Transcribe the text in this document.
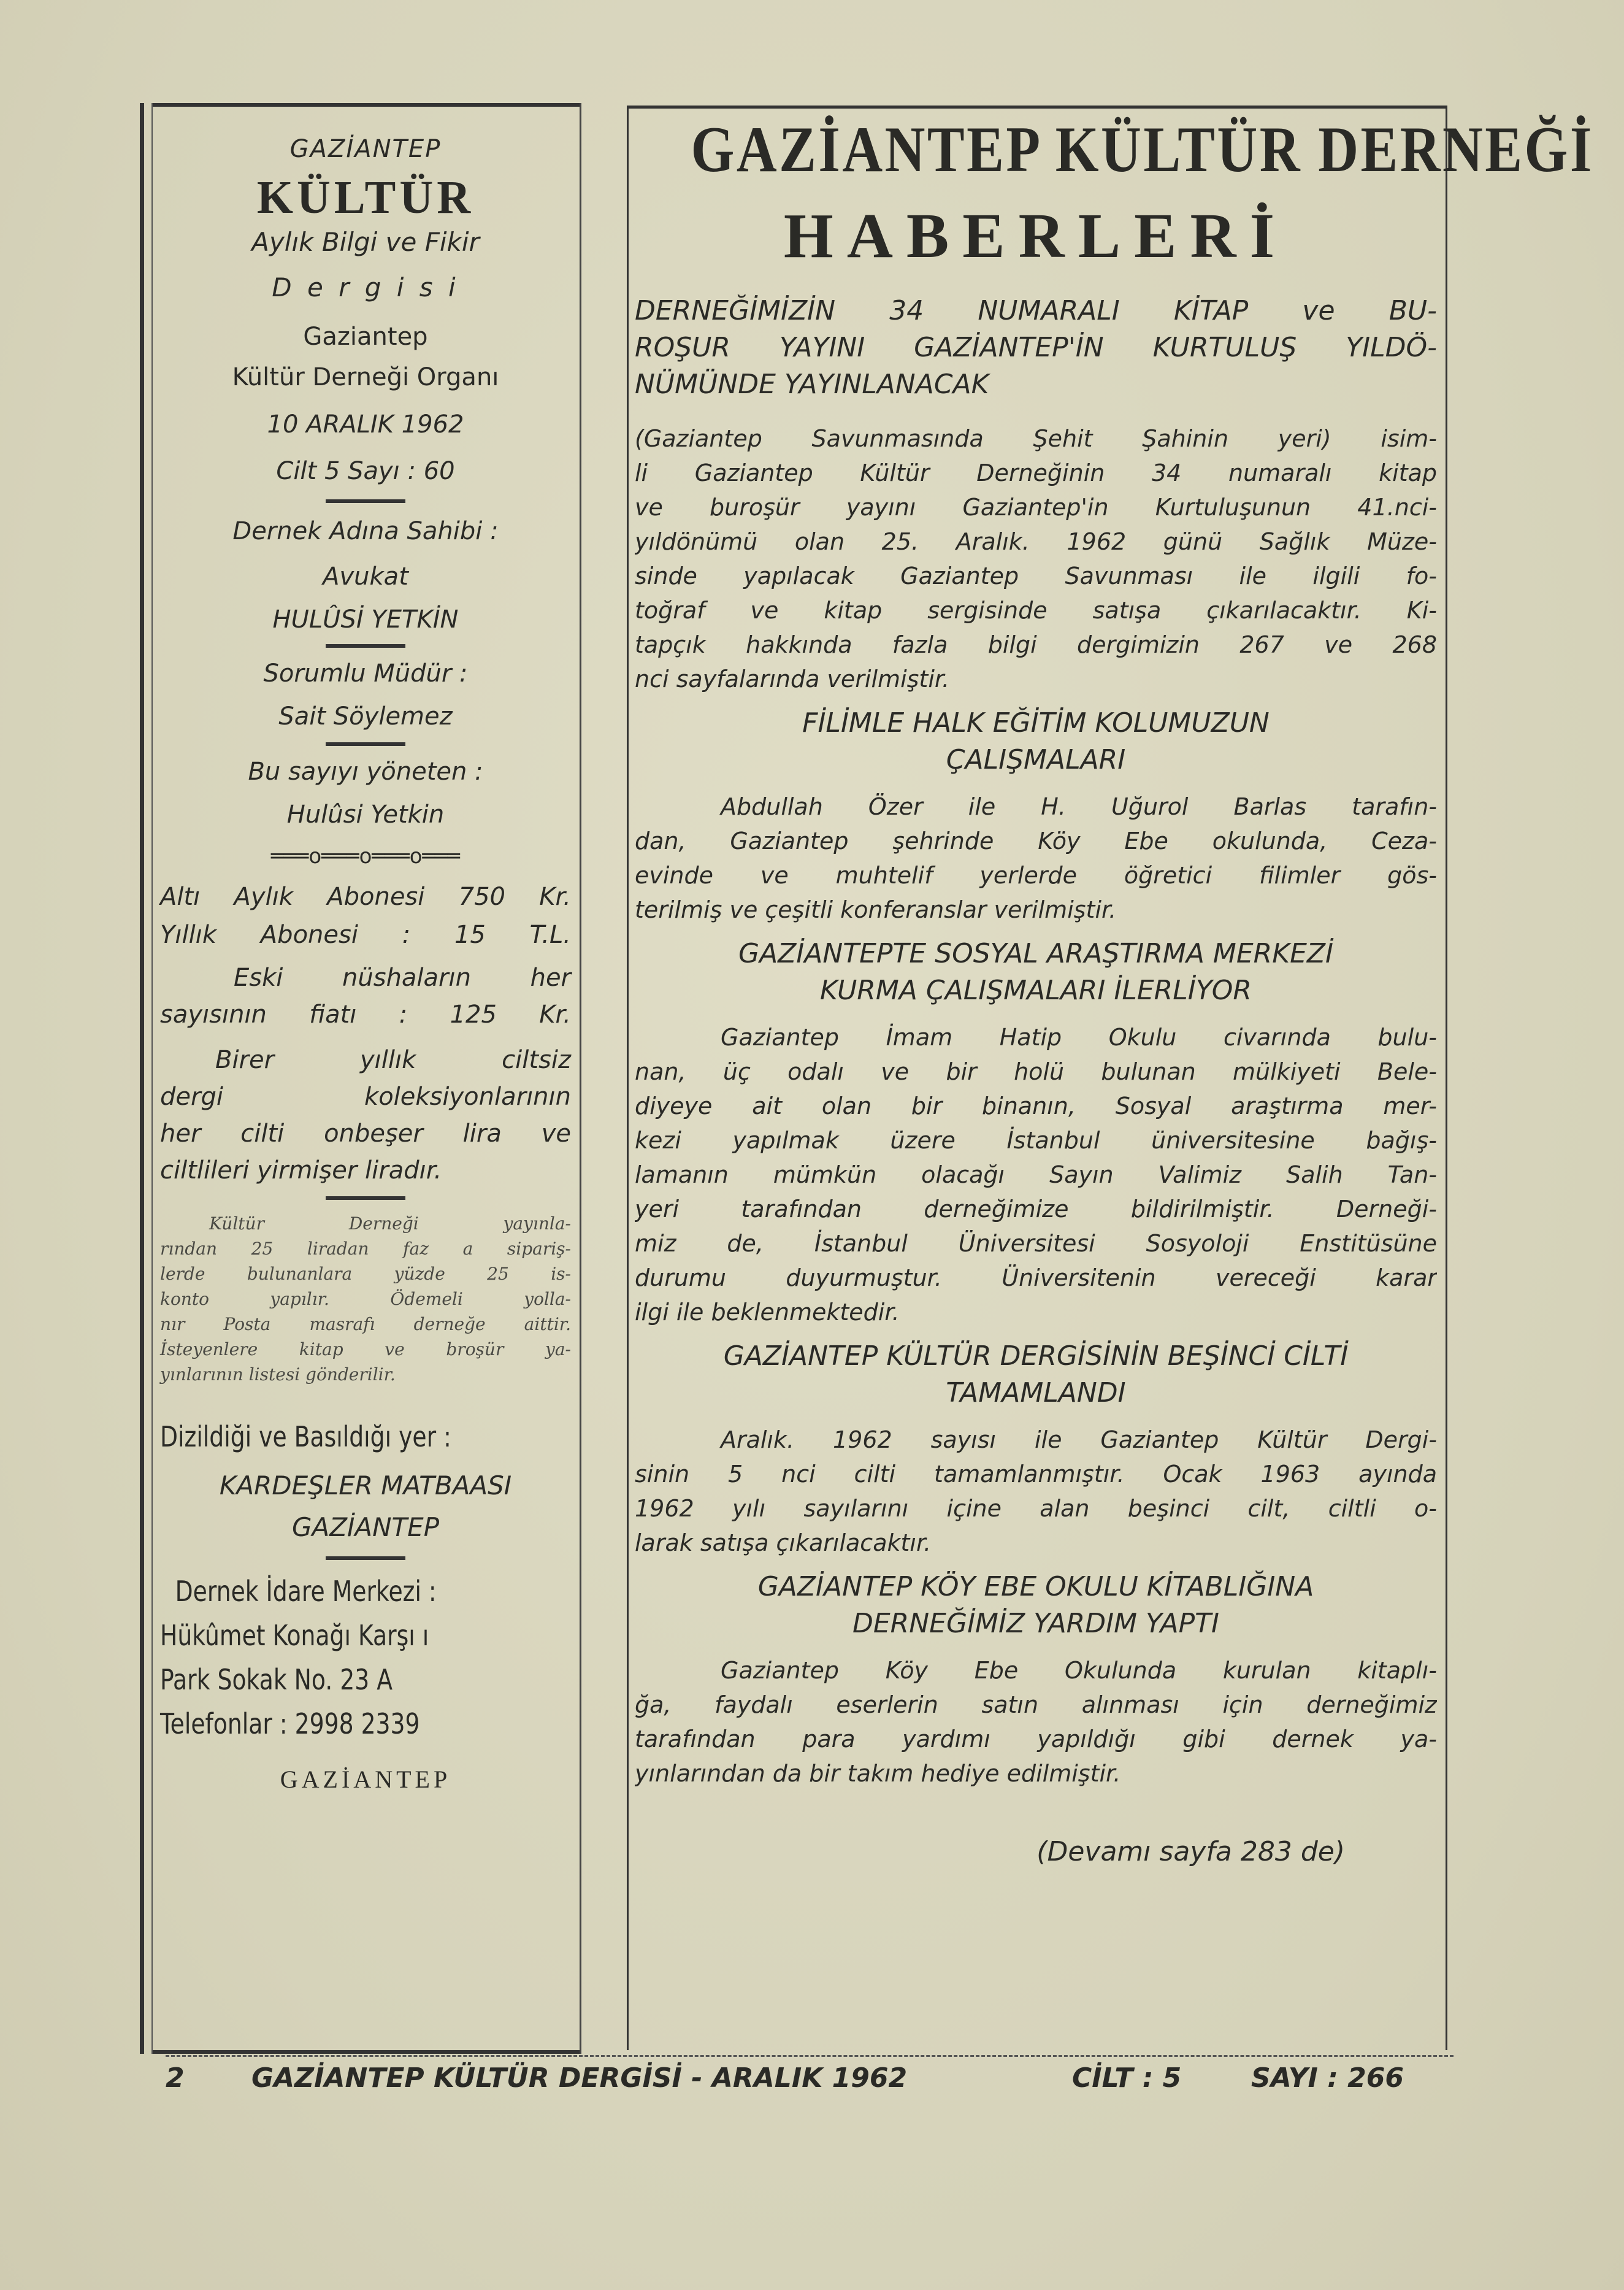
GAZİANTEP
KÜLTÜR
Aylık Bilgi ve Fikir
D e r g i s i
Gaziantep
Kültür Derneği Organı
10 ARALIK 1962
Cilt 5 Sayı : 60
Dernek Adına Sahibi :
Avukat
HULÛSİ YETKİN
Sorumlu Müdür :
Sait Söylemez
Bu sayıyı yöneten :
Hulûsi Yetkin
═══o═══o═══o═══
Altı Aylık Abonesi 750 Kr.
Yıllık Abonesi : 15 T.L.
Eski nüshaların her
sayısının fiatı : 125 Kr.
Birer yıllık ciltsiz
dergi koleksiyonlarının
her cilti onbeşer lira ve
ciltlileri yirmişer liradır.
Kültür Derneği yayınla-
rından 25 liradan faz a sipariş-
lerde bulunanlara yüzde 25 is-
konto yapılır. Ödemeli yolla-
nır Posta masrafı derneğe aittir.
İsteyenlere kitap ve broşür ya-
yınlarının listesi gönderilir.
Dizildiği ve Basıldığı yer :
KARDEŞLER MATBAASI
GAZİANTEP
Dernek İdare Merkezi :
Hükûmet Konağı Karşı ı
Park Sokak No. 23 A
Telefonlar : 2998 2339
GAZİANTEP
GAZİANTEP KÜLTÜR DERNEĞİ
HABERLERİ
DERNEĞİMİZİN 34 NUMARALI KİTAP ve BU-
ROŞUR YAYINI GAZİANTEP'İN KURTULUŞ YILDÖ-
NÜMÜNDE YAYINLANACAK
(Gaziantep Savunmasında Şehit Şahinin yeri) isim-
li Gaziantep Kültür Derneğinin 34 numaralı kitap
ve buroşür yayını Gaziantep'in Kurtuluşunun 41.nci-
yıldönümü olan 25. Aralık. 1962 günü Sağlık Müze-
sinde yapılacak Gaziantep Savunması ile ilgili fo-
toğraf ve kitap sergisinde satışa çıkarılacaktır. Ki-
tapçık hakkında fazla bilgi dergimizin 267 ve 268
nci sayfalarında verilmiştir.
FİLİMLE HALK EĞİTİM KOLUMUZUN
ÇALIŞMALARI
Abdullah Özer ile H. Uğurol Barlas tarafın-
dan, Gaziantep şehrinde Köy Ebe okulunda, Ceza-
evinde ve muhtelif yerlerde öğretici filimler gös-
terilmiş ve çeşitli konferanslar verilmiştir.
GAZİANTEPTE SOSYAL ARAŞTIRMA MERKEZİ
KURMA ÇALIŞMALARI İLERLİYOR
Gaziantep İmam Hatip Okulu civarında bulu-
nan, üç odalı ve bir holü bulunan mülkiyeti Bele-
diyeye ait olan bir binanın, Sosyal araştırma mer-
kezi yapılmak üzere İstanbul üniversitesine bağış-
lamanın mümkün olacağı Sayın Valimiz Salih Tan-
yeri tarafından derneğimize bildirilmiştir. Derneği-
miz de, İstanbul Üniversitesi Sosyoloji Enstitüsüne
durumu duyurmuştur. Üniversitenin vereceği karar
ilgi ile beklenmektedir.
GAZİANTEP KÜLTÜR DERGİSİNİN BEŞİNCİ CİLTİ
TAMAMLANDI
Aralık. 1962 sayısı ile Gaziantep Kültür Dergi-
sinin 5 nci cilti tamamlanmıştır. Ocak 1963 ayında
1962 yılı sayılarını içine alan beşinci cilt, ciltli o-
larak satışa çıkarılacaktır.
GAZİANTEP KÖY EBE OKULU KİTABLIĞINA
DERNEĞİMİZ YARDIM YAPTI
Gaziantep Köy Ebe Okulunda kurulan kitaplı-
ğa, faydalı eserlerin satın alınması için derneğimiz
tarafından para yardımı yapıldığı gibi dernek ya-
yınlarından da bir takım hediye edilmiştir.
(Devamı sayfa 283 de)
2 GAZİANTEP KÜLTÜR DERGİSİ - ARALIK 1962	CİLT : 5	SAYI : 266
